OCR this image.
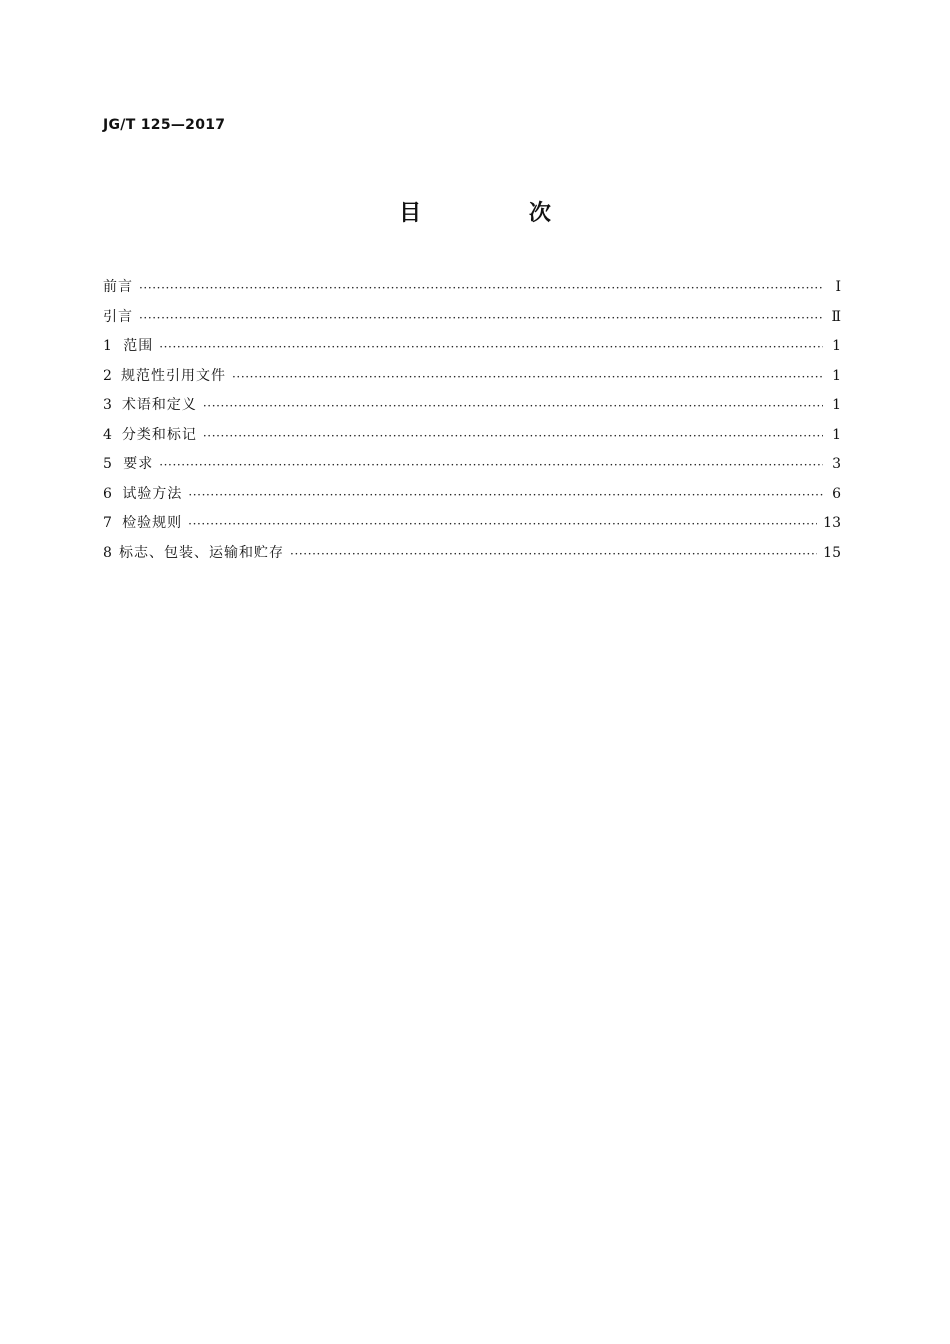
JG/T 125—2017
目 次
前言 ·····	Ⅰ
引言 ·····	Ⅱ
1 范围 ·····	1
2 规范性引用文件 ·····	1
3 术语和定义 ·····	1
4 分类和标记 ·····	1
5 要求 ·····	3
6 试验方法 ·····	6
7 检验规则 ·····	13
8 标志、包装、运输和贮存 ·····	15
